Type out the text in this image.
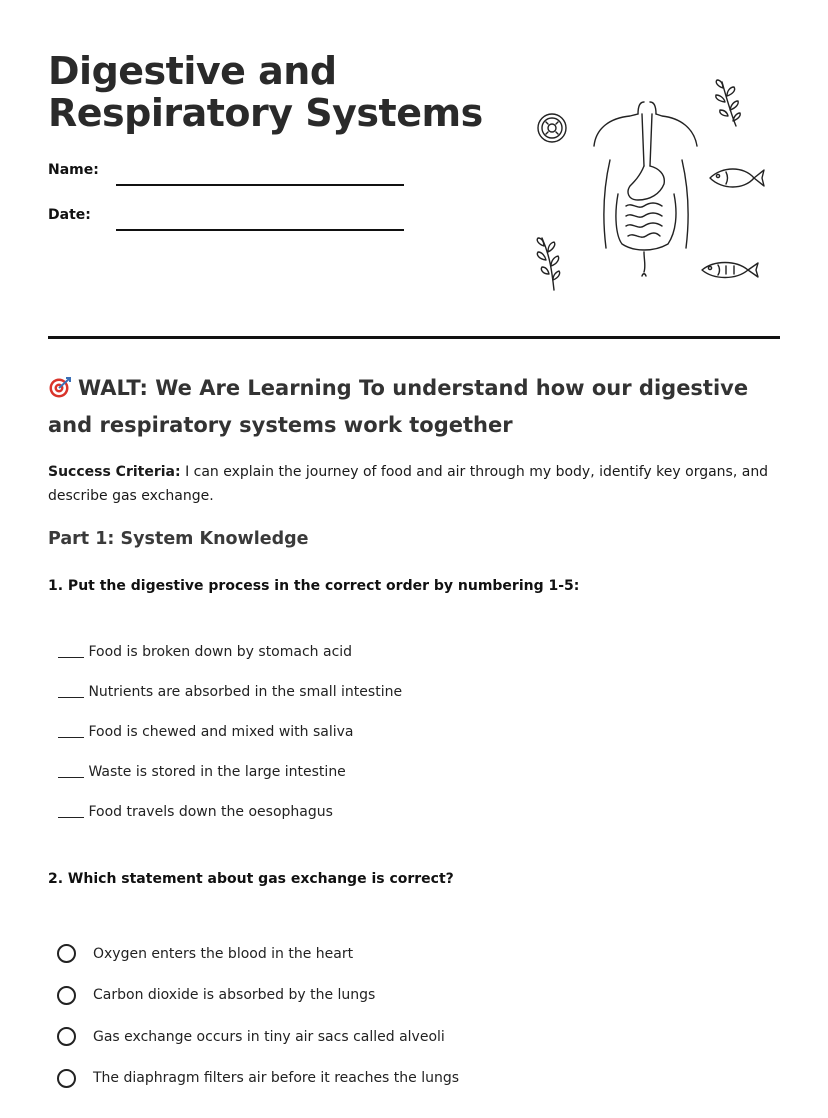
Digestive and
Respiratory Systems
Name:
Date:
WALT: We Are Learning To understand how our digestive and respiratory systems work together

Success Criteria: I can explain the journey of food and air through my body, identify key organs, and describe gas exchange.

Part 1: System Knowledge

1. Put the digestive process in the correct order by numbering 1-5:

Food is broken down by stomach acid
Nutrients are absorbed in the small intestine
Food is chewed and mixed with saliva
Waste is stored in the large intestine
Food travels down the oesophagus

2. Which statement about gas exchange is correct?

Oxygen enters the blood in the heart
Carbon dioxide is absorbed by the lungs
Gas exchange occurs in tiny air sacs called alveoli
The diaphragm filters air before it reaches the lungs
